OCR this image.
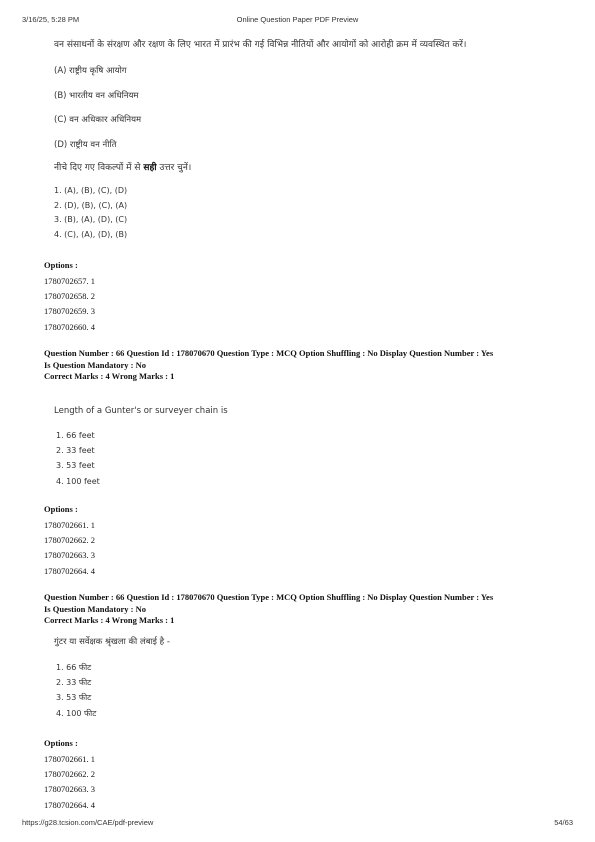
3/16/25, 5:28 PM	Online Question Paper PDF Preview
वन संसाधनों के संरक्षण और रक्षण के लिए भारत में प्रारंभ की गई विभिन्न नीतियों और आयोगों को आरोही क्रम में व्यवस्थित करें।
(A) राष्ट्रीय कृषि आयोग
(B) भारतीय वन अधिनियम
(C) वन अधिकार अधिनियम
(D) राष्ट्रीय वन नीति
नीचे दिए गए विकल्पों में से सही उत्तर चुनें।
1. (A), (B), (C), (D)
2. (D), (B), (C), (A)
3. (B), (A), (D), (C)
4. (C), (A), (D), (B)
Options :
1780702657. 1
1780702658. 2
1780702659. 3
1780702660. 4
Question Number : 66 Question Id : 178070670 Question Type : MCQ Option Shuffling : No Display Question Number : Yes
Is Question Mandatory : No
Correct Marks : 4 Wrong Marks : 1
Length of a Gunter's or surveyer chain is
1. 66 feet
2. 33 feet
3. 53 feet
4. 100 feet
Options :
1780702661. 1
1780702662. 2
1780702663. 3
1780702664. 4
Question Number : 66 Question Id : 178070670 Question Type : MCQ Option Shuffling : No Display Question Number : Yes
Is Question Mandatory : No
Correct Marks : 4 Wrong Marks : 1
गुंटर या सर्वेक्षक श्रृंखला की लंबाई है -
1. 66 फीट
2. 33 फीट
3. 53 फीट
4. 100 फीट
Options :
1780702661. 1
1780702662. 2
1780702663. 3
1780702664. 4
https://g28.tcsion.com/CAE/pdf-preview	54/63
